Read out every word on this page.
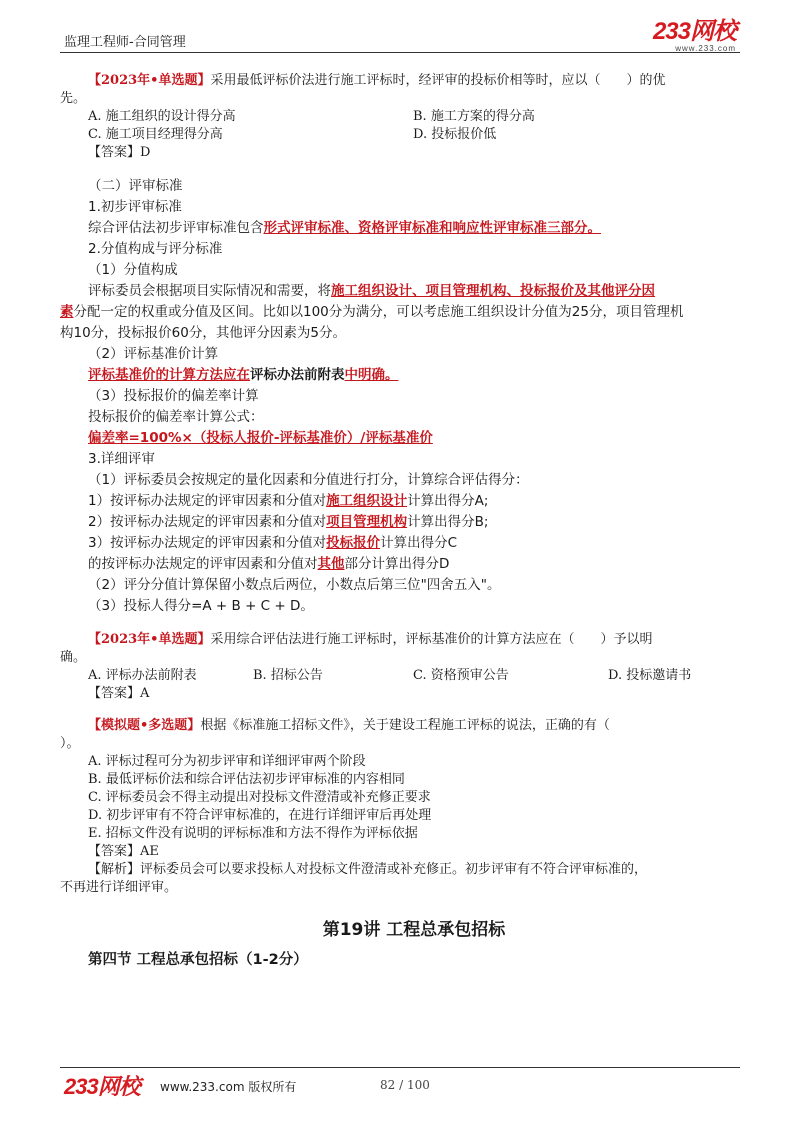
监理工程师-合同管理	233网校
www.233.com

【2023年•单选题】采用最低评标价法进行施工评标时，经评审的投标价相等时，应以（　　）的优

先。

A. 施工组织的设计得分高	B. 施工方案的得分高
C. 施工项目经理得分高	D. 投标报价低

【答案】D

（二）评审标准

1.初步评审标准

综合评估法初步评审标准包含形式评审标准、资格评审标准和响应性评审标准三部分。

2.分值构成与评分标准

（1）分值构成

评标委员会根据项目实际情况和需要，将施工组织设计、项目管理机构、投标报价及其他评分因

素分配一定的权重或分值及区间。比如以100分为满分，可以考虑施工组织设计分值为25分，项目管理机

构10分，投标报价60分，其他评分因素为5分。

（2）评标基准价计算

评标基准价的计算方法应在评标办法前附表中明确。

（3）投标报价的偏差率计算

投标报价的偏差率计算公式：

偏差率=100%×（投标人报价-评标基准价）/评标基准价

3.详细评审

（1）评标委员会按规定的量化因素和分值进行打分，计算综合评估得分：

1）按评标办法规定的评审因素和分值对施工组织设计计算出得分A;

2）按评标办法规定的评审因素和分值对项目管理机构计算出得分B;

3）按评标办法规定的评审因素和分值对投标报价计算出得分C

的按评标办法规定的评审因素和分值对其他部分计算出得分D

（2）评分分值计算保留小数点后两位，小数点后第三位"四舍五入"。

（3）投标人得分=A + B + C + D。

【2023年•单选题】采用综合评估法进行施工评标时，评标基准价的计算方法应在（　　）予以明

确。

A. 评标办法前附表	B. 招标公告	C. 资格预审公告	D. 投标邀请书

【答案】A

【模拟题•多选题】根据《标准施工招标文件》，关于建设工程施工评标的说法，正确的有（

）。

A. 评标过程可分为初步评审和详细评审两个阶段

B. 最低评标价法和综合评估法初步评审标准的内容相同

C. 评标委员会不得主动提出对投标文件澄清或补充修正要求

D. 初步评审有不符合评审标准的，在进行详细评审后再处理

E. 招标文件没有说明的评标标准和方法不得作为评标依据

【答案】AE

【解析】评标委员会可以要求投标人对投标文件澄清或补充修正。初步评审有不符合评审标准的，

不再进行详细评审。

第19讲 工程总承包招标
第四节 工程总承包招标（1-2分）
233网校 www.233.com 版权所有	82 / 100
